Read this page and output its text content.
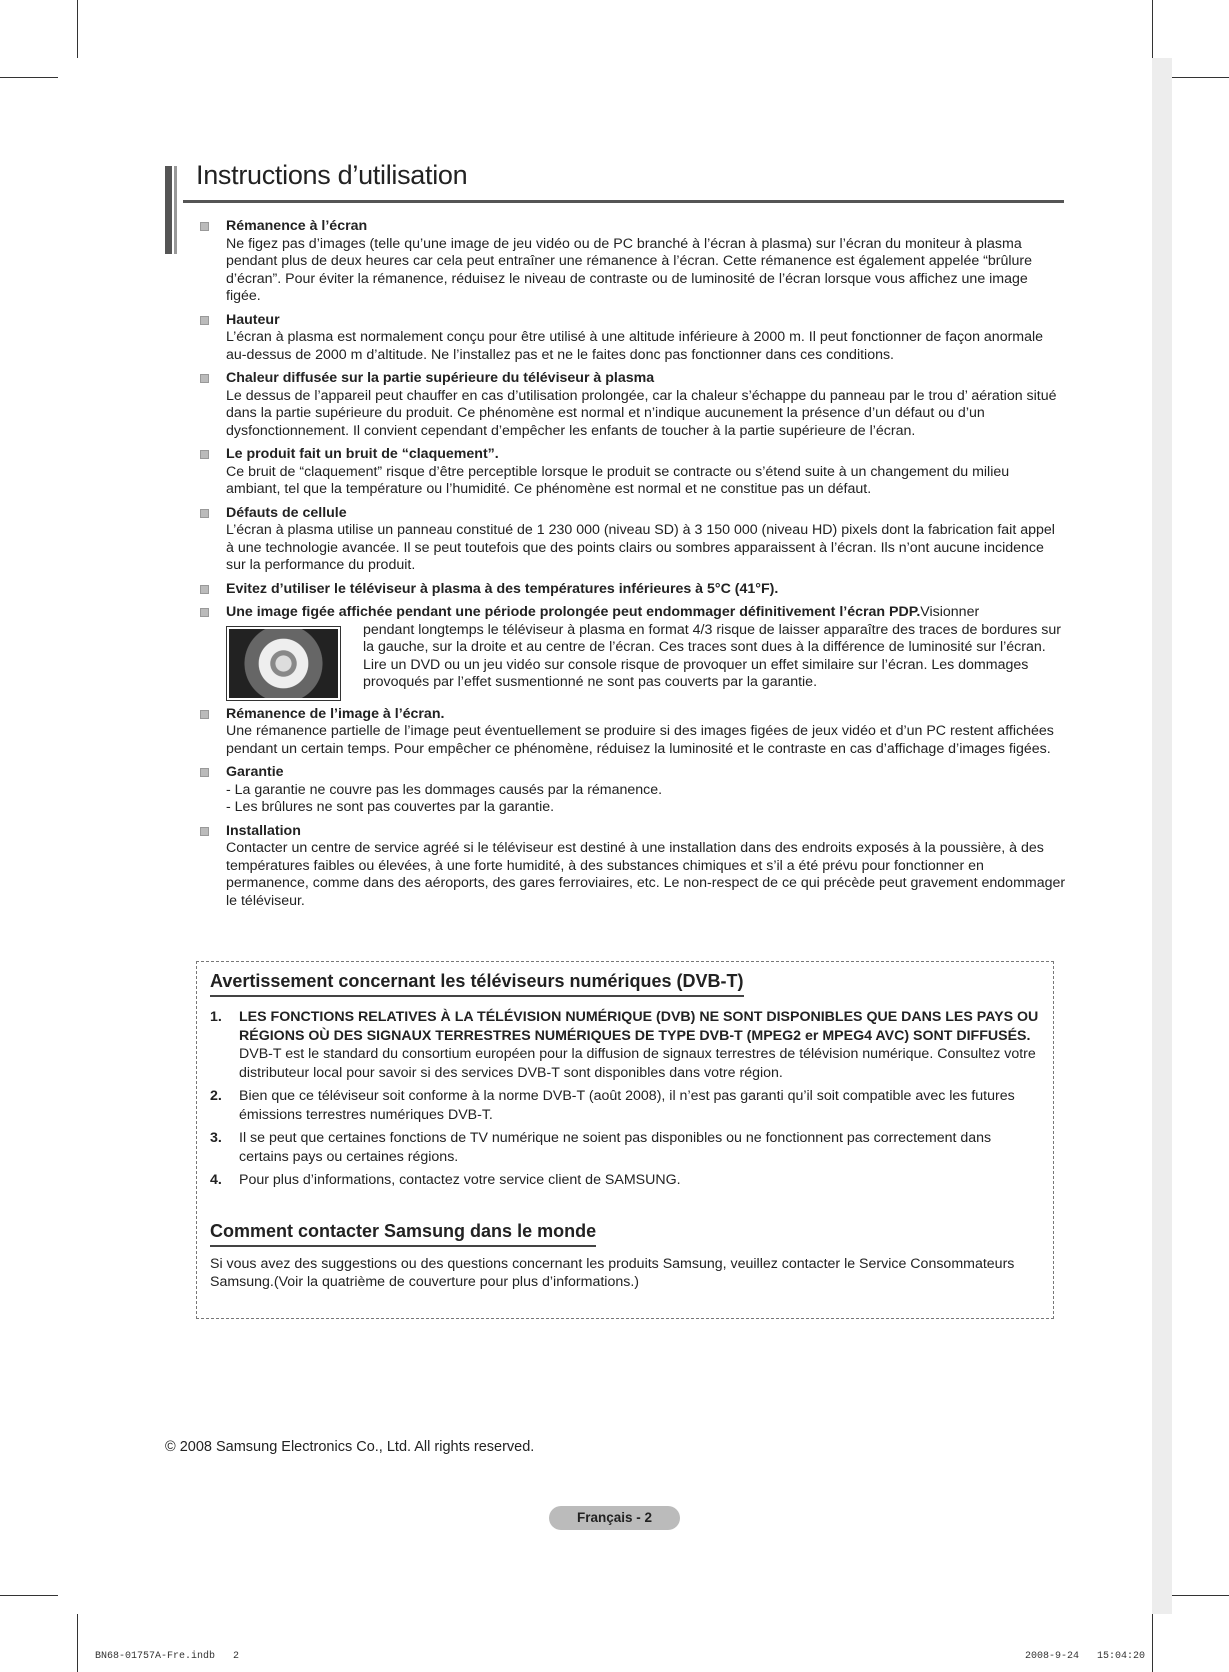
Instructions d’utilisation
Rémanence à l’écran
Ne figez pas d’images (telle qu’une image de jeu vidéo ou de PC branché à l’écran à plasma) sur l’écran du moniteur à plasma pendant plus de deux heures car cela peut entraîner une rémanence à l’écran. Cette rémanence est également appelée “brûlure d’écran”. Pour éviter la rémanence, réduisez le niveau de contraste ou de luminosité de l’écran lorsque vous affichez une image figée.
Hauteur
L’écran à plasma est normalement conçu pour être utilisé à une altitude inférieure à 2000 m. Il peut fonctionner de façon anormale au-dessus de 2000 m d’altitude. Ne l’installez pas et ne le faites donc pas fonctionner dans ces conditions.
Chaleur diffusée sur la partie supérieure du téléviseur à plasma
Le dessus de l’appareil peut chauffer en cas d’utilisation prolongée, car la chaleur s’échappe du panneau par le trou d’ aération situé dans la partie supérieure du produit. Ce phénomène est normal et n’indique aucunement la présence d’un défaut ou d’un dysfonctionnement. Il convient cependant d’empêcher les enfants de toucher à la partie supérieure de l’écran.
Le produit fait un bruit de “claquement”.
Ce bruit de “claquement” risque d’être perceptible lorsque le produit se contracte ou s’étend suite à un changement du milieu ambiant, tel que la température ou l’humidité. Ce phénomène est normal et ne constitue pas un défaut.
Défauts de cellule
L’écran à plasma utilise un panneau constitué de 1 230 000 (niveau SD) à 3 150 000 (niveau HD) pixels dont la fabrication fait appel à une technologie avancée. Il se peut toutefois que des points clairs ou sombres apparaissent à l’écran. Ils n’ont aucune incidence sur la performance du produit.
Evitez d’utiliser le téléviseur à plasma à des températures inférieures à 5°C (41°F).
Une image figée affichée pendant une période prolongée peut endommager définitivement l’écran PDP.Visionner
pendant longtemps le téléviseur à plasma en format 4/3 risque de laisser apparaître des traces de bordures sur la gauche, sur la droite et au centre de l’écran. Ces traces sont dues à la différence de luminosité sur l’écran. Lire un DVD ou un jeu vidéo sur console risque de provoquer un effet similaire sur l’écran. Les dommages provoqués par l’effet susmentionné ne sont pas couverts par la garantie.
Rémanence de l’image à l’écran.
Une rémanence partielle de l’image peut éventuellement se produire si des images figées de jeux vidéo et d’un PC restent affichées pendant un certain temps. Pour empêcher ce phénomène, réduisez la luminosité et le contraste en cas d’affichage d’images figées.
Garantie
- La garantie ne couvre pas les dommages causés par la rémanence.
- Les brûlures ne sont pas couvertes par la garantie.
Installation
Contacter un centre de service agréé si le téléviseur est destiné à une installation dans des endroits exposés à la poussière, à des températures faibles ou élevées, à une forte humidité, à des substances chimiques et s’il a été prévu pour fonctionner en permanence, comme dans des aéroports, des gares ferroviaires, etc. Le non-respect de ce qui précède peut gravement endommager le téléviseur.
Avertissement concernant les téléviseurs numériques (DVB-T)
1. LES FONCTIONS RELATIVES À LA TÉLÉVISION NUMÉRIQUE (DVB) NE SONT DISPONIBLES QUE DANS LES PAYS OU RÉGIONS OÙ DES SIGNAUX TERRESTRES NUMÉRIQUES DE TYPE DVB-T (MPEG2 er MPEG4 AVC) SONT DIFFUSÉS. DVB-T est le standard du consortium européen pour la diffusion de signaux terrestres de télévision numérique. Consultez votre distributeur local pour savoir si des services DVB-T sont disponibles dans votre région.
2. Bien que ce téléviseur soit conforme à la norme DVB-T (août 2008), il n’est pas garanti qu’il soit compatible avec les futures émissions terrestres numériques DVB-T.
3. Il se peut que certaines fonctions de TV numérique ne soient pas disponibles ou ne fonctionnent pas correctement dans certains pays ou certaines régions.
4. Pour plus d’informations, contactez votre service client de SAMSUNG.
Comment contacter Samsung dans le monde
Si vous avez des suggestions ou des questions concernant les produits Samsung, veuillez contacter le Service Consommateurs Samsung.(Voir la quatrième de couverture pour plus d’informations.)
© 2008 Samsung Electronics Co., Ltd. All rights reserved.
Français - 2
BN68-01757A-Fre.indb   2	2008-9-24   15:04:20
